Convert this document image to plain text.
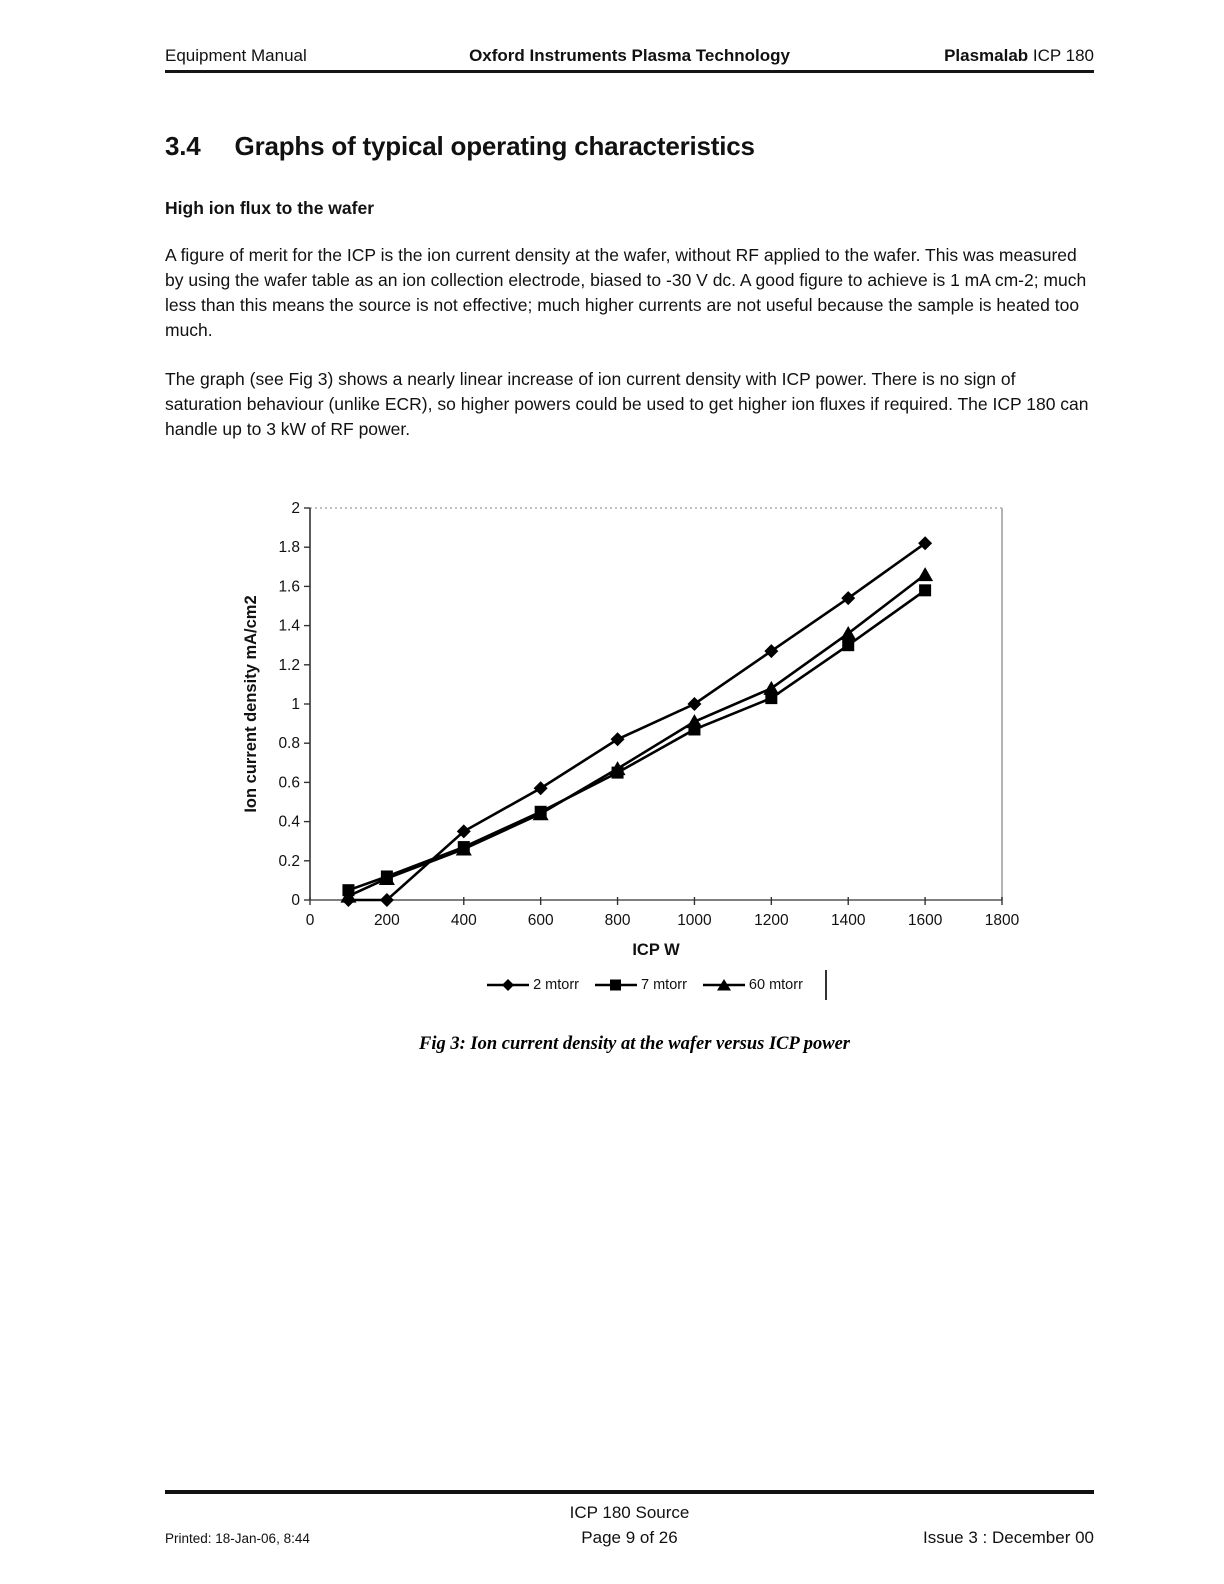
Equipment Manual	Oxford Instruments Plasma Technology	Plasmalab ICP 180
3.4 Graphs of typical operating characteristics
High ion flux to the wafer

A figure of merit for the ICP is the ion current density at the wafer, without RF applied to the wafer. This was measured by using the wafer table as an ion collection electrode, biased to -30 V dc. A good figure to achieve is 1 mA cm-2; much less than this means the source is not effective; much higher currents are not useful because the sample is heated too much.

The graph (see Fig 3) shows a nearly linear increase of ion current density with ICP power. There is no sign of saturation behaviour (unlike ECR), so higher powers could be used to get higher ion fluxes if required. The ICP 180 can handle up to 3 kW of RF power.

0
0.2
0.4
0.6
0.8
1
1.2
1.4
1.6
1.8
2
0	200	400	600	800	1000	1200	1400	1600	1800
Ion current density mA/cm2
ICP W
2 mtorr	7 mtorr	60 mtorr
Fig 3: Ion current density at the wafer versus ICP power
ICP 180 Source
Printed: 18-Jan-06, 8:44	Page 9 of 26	Issue 3 : December 00
